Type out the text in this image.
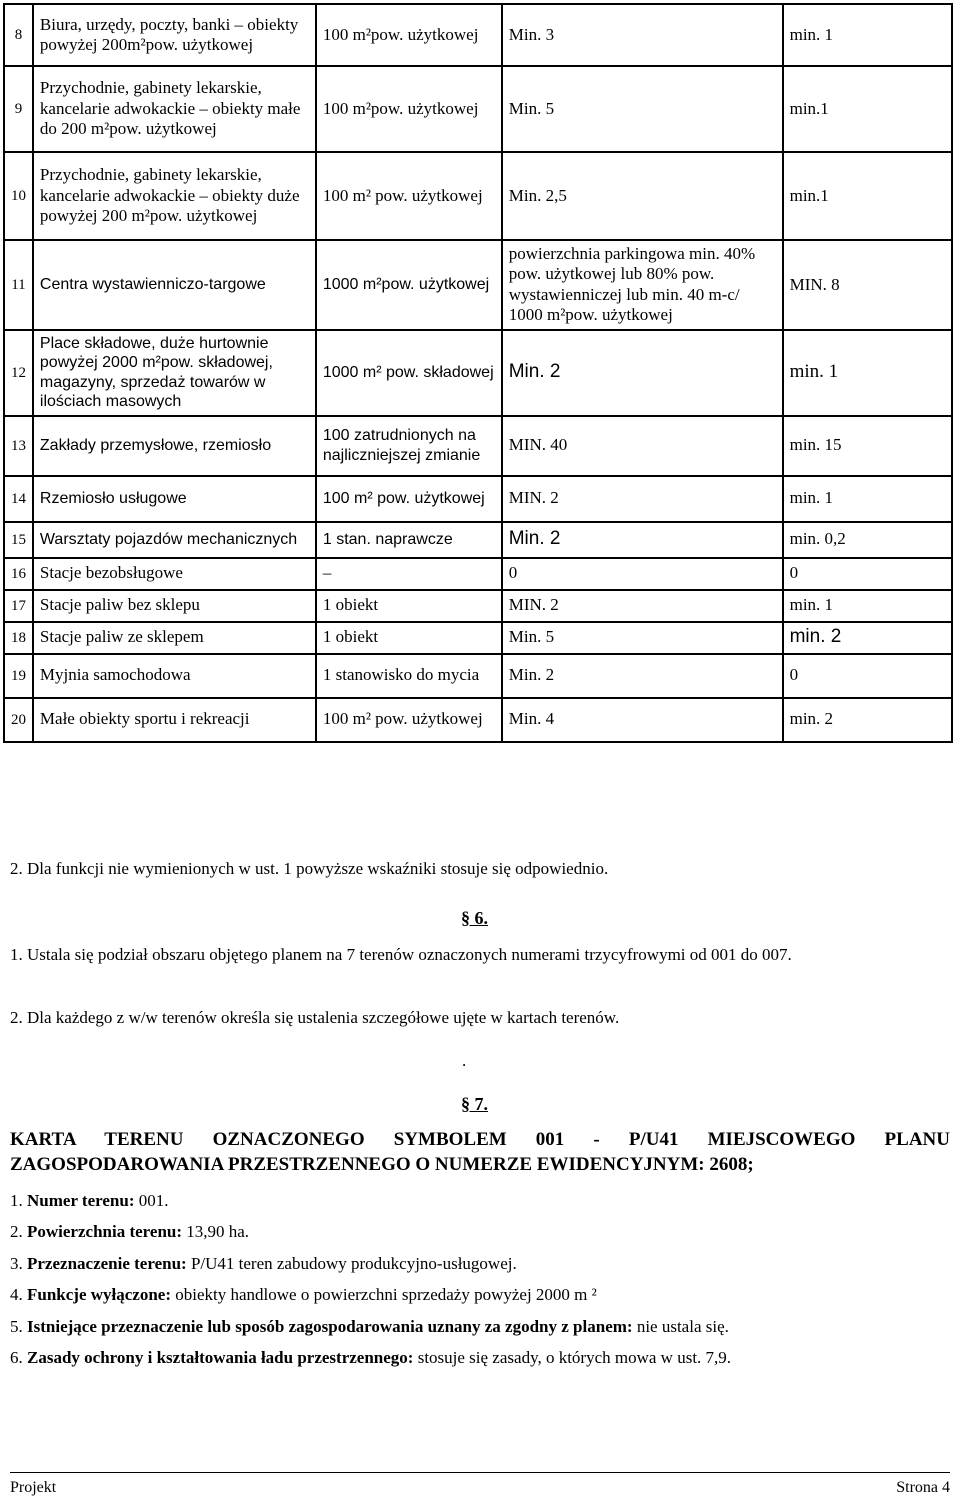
8	Biura, urzędy, poczty, banki – obiekty powyżej 200m²pow. użytkowej	100 m²pow. użytkowej	Min. 3	min. 1
9	Przychodnie, gabinety lekarskie, kancelarie adwokackie – obiekty małe do 200 m²pow. użytkowej	100 m²pow. użytkowej	Min. 5	min.1
10	Przychodnie, gabinety lekarskie, kancelarie adwokackie – obiekty duże powyżej 200 m²pow. użytkowej	100 m² pow. użytkowej	Min. 2,5	min.1
11	Centra wystawienniczo-targowe	1000 m²pow. użytkowej	powierzchnia parkingowa min. 40% pow. użytkowej lub 80% pow. wystawienniczej lub min. 40 m-c/ 1000 m²pow. użytkowej	MIN. 8
12	Place składowe, duże hurtownie powyżej 2000 m²pow. składowej, magazyny, sprzedaż towarów w ilościach masowych	1000 m² pow. składowej	Min. 2	min. 1
13	Zakłady przemysłowe, rzemiosło	100 zatrudnionych na najliczniejszej zmianie	MIN. 40	min. 15
14	Rzemiosło usługowe	100 m² pow. użytkowej	MIN. 2	min. 1
15	Warsztaty pojazdów mechanicznych	1 stan. naprawcze	Min. 2	min. 0,2
16	Stacje bezobsługowe	–	0	0
17	Stacje paliw bez sklepu	1 obiekt	MIN. 2	min. 1
18	Stacje paliw ze sklepem	1 obiekt	Min. 5	min. 2
19	Myjnia samochodowa	1 stanowisko do mycia	Min. 2	0
20	Małe obiekty sportu i rekreacji	100 m² pow. użytkowej	Min. 4	min. 2
2. Dla funkcji nie wymienionych w ust. 1 powyższe wskaźniki stosuje się odpowiednio.
§ 6.
1. Ustala się podział obszaru objętego planem na 7 terenów oznaczonych numerami trzycyfrowymi od 001 do 007.
2. Dla każdego z w/w terenów określa się ustalenia szczegółowe ujęte w kartach terenów.
.
§ 7.
KARTA TERENU OZNACZONEGO SYMBOLEM 001 - P/U41 MIEJSCOWEGO PLANU ZAGOSPODAROWANIA PRZESTRZENNEGO O NUMERZE EWIDENCYJNYM: 2608;
1. Numer terenu: 001.
2. Powierzchnia terenu: 13,90 ha.
3. Przeznaczenie terenu: P/U41 teren zabudowy produkcyjno-usługowej.
4. Funkcje wyłączone: obiekty handlowe o powierzchni sprzedaży powyżej 2000 m ²
5. Istniejące przeznaczenie lub sposób zagospodarowania uznany za zgodny z planem: nie ustala się.
6. Zasady ochrony i kształtowania ładu przestrzennego: stosuje się zasady, o których mowa w ust. 7,9.
Projekt	Strona 4
